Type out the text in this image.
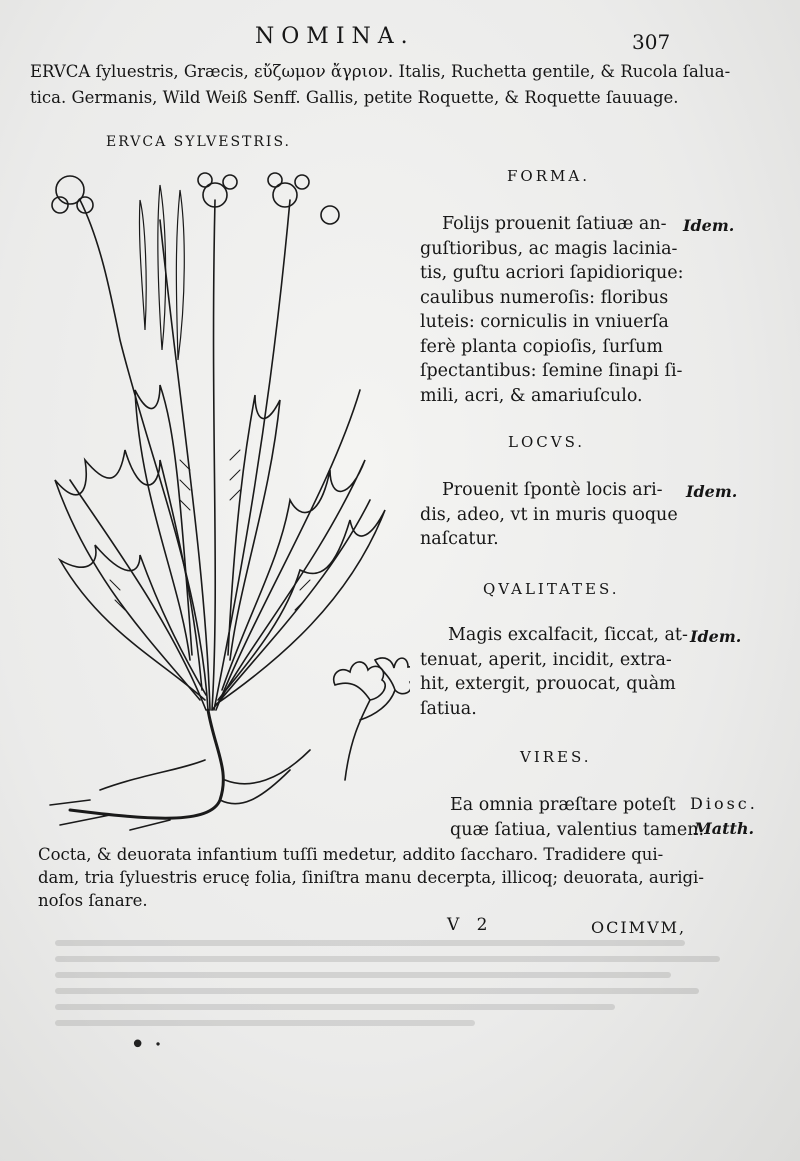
NOMINA.	307
ERVCA ſyluestris, Græcis, εὔζωμον ἄγριον. Italis, Ruchetta gentile, & Rucola ſalua-
tica. Germanis, Wild Weiß Senff. Gallis, petite Roquette, & Roquette ſauuage.
ERVCA SYLVESTRIS.
FORMA.
Folijs prouenit ſatiuæ an-
guſtioribus, ac magis lacinia-
tis, guſtu acriori ſapidiorique:
caulibus numeroſis: floribus
luteis: corniculis in vniuerſa
ferè planta copioſis, ſurſum
ſpectantibus: ſemine ſinapi ſi-
mili, acri, & amariuſculo.
Idem.
LOCVS.
Prouenit ſpontè locis ari-
dis, adeo, vt in muris quoque
naſcatur.
Idem.
QVALITATES.
Magis excalfacit, ſiccat, at-
tenuat, aperit, incidit, extra-
hit, extergit, prouocat, quàm
ſatiua.
Idem.
VIRES.
Ea omnia præſtare poteſt
quæ ſatiua, valentius tamen.
Diosc.
Matth.
Cocta, & deuorata infantium tuſſi medetur, addito ſaccharo. Tradidere qui-
dam, tria ſyluestris erucę folia, ſiniſtra manu decerpta, illicoq; deuorata, aurigi-
noſos ſanare.
V 2	OCIMVM,
• ⋅
